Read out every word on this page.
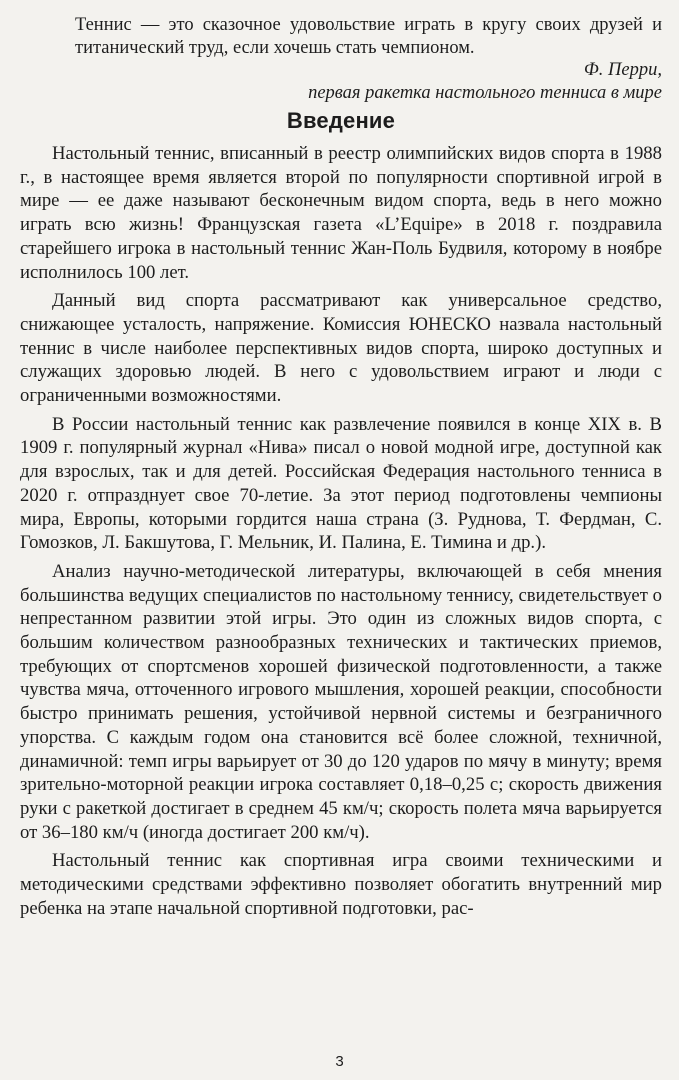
Теннис — это сказочное удовольствие играть в кругу своих друзей и титанический труд, если хочешь стать чемпионом.

Ф. Перри,

первая ракетка настольного тенниса в мире

Введение

Настольный теннис, вписанный в реестр олимпийских видов спорта в 1988 г., в настоящее время является второй по популярности спортивной игрой в мире — ее даже называют бесконечным видом спорта, ведь в него можно играть всю жизнь! Французская газета «L’Equipe» в 2018 г. поздравила старейшего игрока в настольный теннис Жан-Поль Будвиля, которому в ноябре исполнилось 100 лет.

Данный вид спорта рассматривают как универсальное средство, снижающее усталость, напряжение. Комиссия ЮНЕСКО назвала настольный теннис в числе наиболее перспективных видов спорта, широко доступных и служащих здоровью людей. В него с удовольствием играют и люди с ограниченными возможностями.

В России настольный теннис как развлечение появился в конце XIX в. В 1909 г. популярный журнал «Нива» писал о новой модной игре, доступной как для взрослых, так и для детей. Российская Федерация настольного тенниса в 2020 г. отпразднует свое 70-летие. За этот период подготовлены чемпионы мира, Европы, которыми гордится наша страна (З. Руднова, Т. Фердман, С. Гомозков, Л. Бакшутова, Г. Мельник, И. Палина, Е. Тимина и др.).

Анализ научно-методической литературы, включающей в себя мнения большинства ведущих специалистов по настольному теннису, свидетельствует о непрестанном развитии этой игры. Это один из сложных видов спорта, с большим количеством разнообразных технических и тактических приемов, требующих от спортсменов хорошей физической подготовленности, а также чувства мяча, отточенного игрового мышления, хорошей реакции, способности быстро принимать решения, устойчивой нервной системы и безграничного упорства. С каждым годом она становится всё более сложной, техничной, динамичной: темп игры варьирует от 30 до 120 ударов по мячу в минуту; время зрительно-моторной реакции игрока составляет 0,18–0,25 с; скорость движения руки с ракеткой достигает в среднем 45 км/ч; скорость полета мяча варьируется от 36–180 км/ч (иногда достигает 200 км/ч).

Настольный теннис как спортивная игра своими техническими и методическими средствами эффективно позволяет обогатить внутренний мир ребенка на этапе начальной спортивной подготовки, рас-

3
